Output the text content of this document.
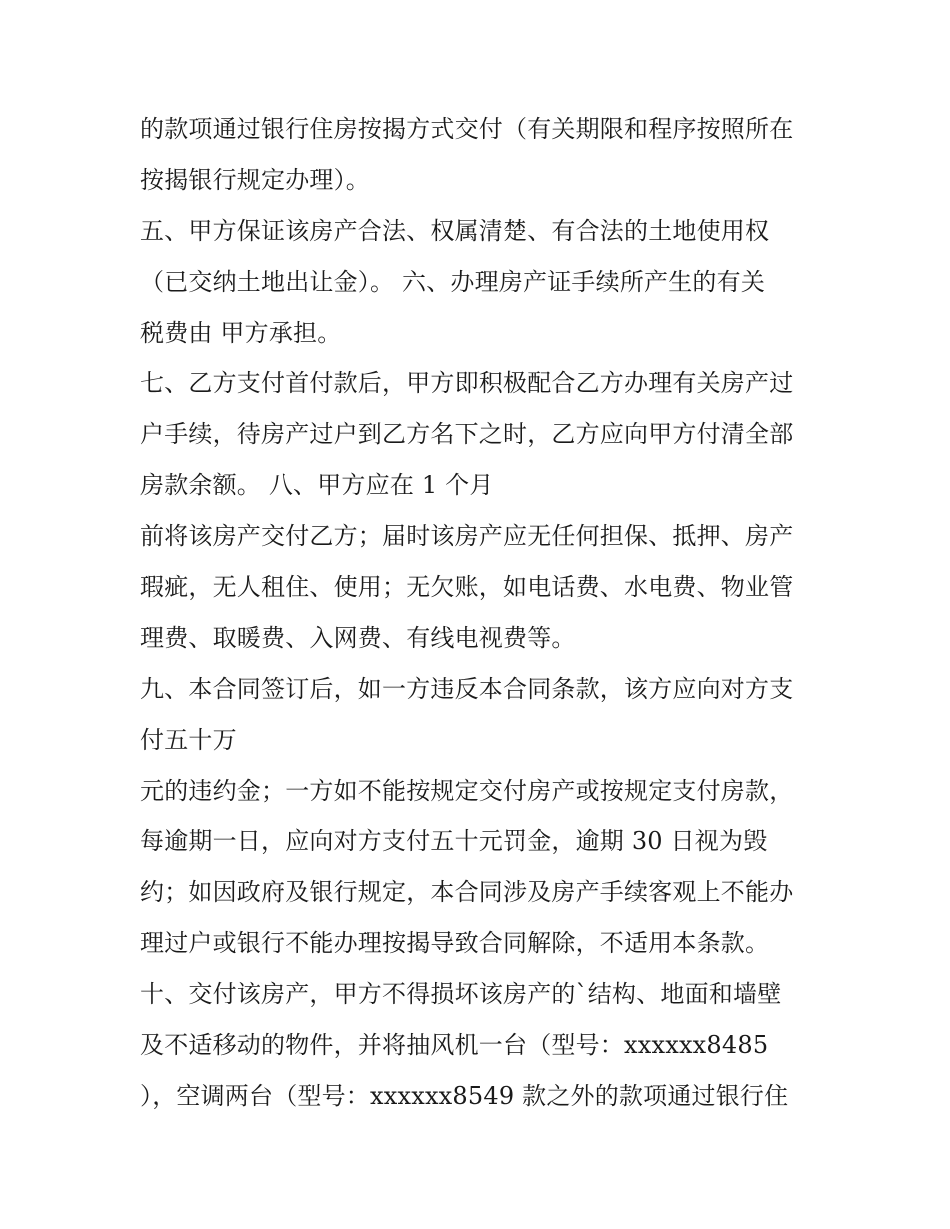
的款项通过银行住房按揭方式交付（有关期限和程序按照所在
按揭银行规定办理）。
五、甲方保证该房产合法、权属清楚、有合法的土地使用权
（已交纳土地出让金）。 六、办理房产证手续所产生的有关
税费由 甲方承担。
七、乙方支付首付款后，甲方即积极配合乙方办理有关房产过
户手续，待房产过户到乙方名下之时，乙方应向甲方付清全部
房款余额。 八、甲方应在 1 个月
前将该房产交付乙方；届时该房产应无任何担保、抵押、房产
瑕疵，无人租住、使用；无欠账，如电话费、水电费、物业管
理费、取暖费、入网费、有线电视费等。
九、本合同签订后，如一方违反本合同条款，该方应向对方支
付五十万
元的违约金；一方如不能按规定交付房产或按规定支付房款，
每逾期一日，应向对方支付五十元罚金，逾期 30 日视为毁
约；如因政府及银行规定，本合同涉及房产手续客观上不能办
理过户或银行不能办理按揭导致合同解除，不适用本条款。
十、交付该房产，甲方不得损坏该房产的`结构、地面和墙壁
及不适移动的物件，并将抽风机一台（型号：xxxxxx8485
），空调两台（型号：xxxxxx8549 款之外的款项通过银行住
